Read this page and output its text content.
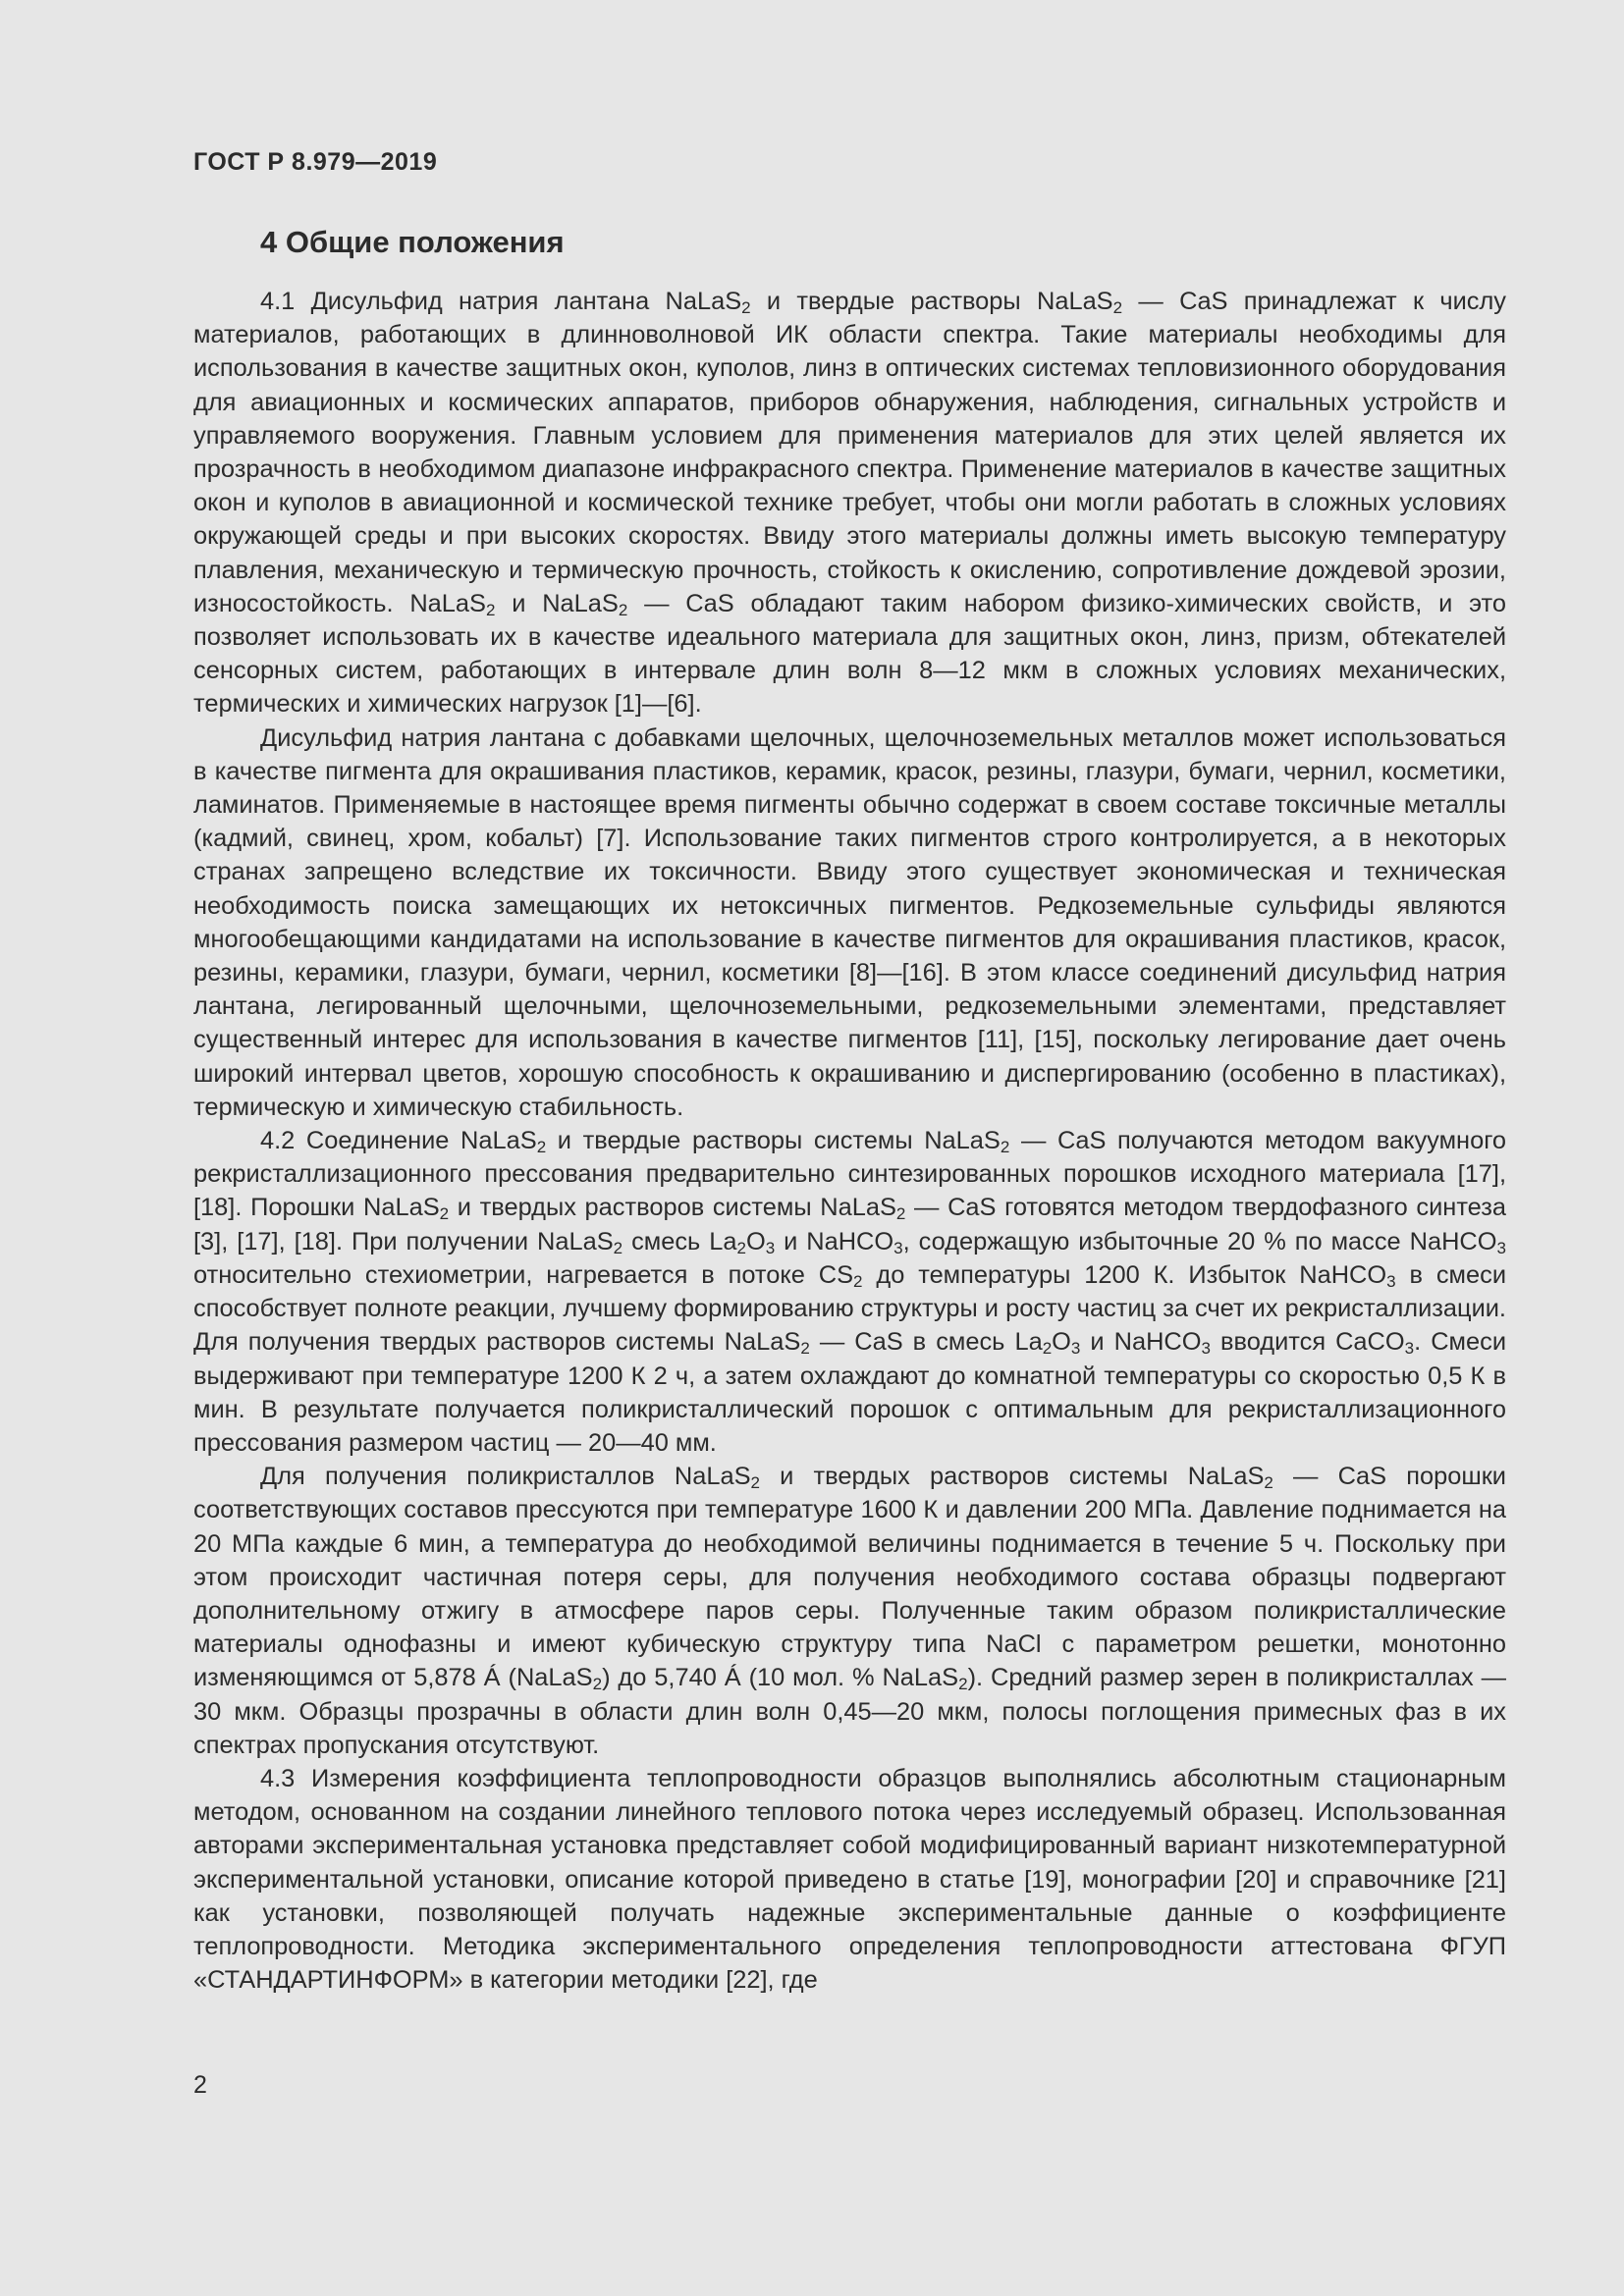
ГОСТ Р 8.979—2019
4 Общие положения

4.1 Дисульфид натрия лантана NaLaS$_2$ и твердые растворы NaLaS$_2$ — CaS принадлежат к числу материалов, работающих в длинноволновой ИК области спектра. Такие материалы необходимы для использования в качестве защитных окон, куполов, линз в оптических системах тепловизионного оборудования для авиационных и космических аппаратов, приборов обнаружения, наблюдения, сигнальных устройств и управляемого вооружения. Главным условием для применения материалов для этих целей является их прозрачность в необходимом диапазоне инфракрасного спектра. Применение материалов в качестве защитных окон и куполов в авиационной и космической технике требует, чтобы они могли работать в сложных условиях окружающей среды и при высоких скоростях. Ввиду этого материалы должны иметь высокую температуру плавления, механическую и термическую прочность, стойкость к окислению, сопротивление дождевой эрозии, износостойкость. NaLaS$_2$ и NaLaS$_2$ — CaS обладают таким набором физико-химических свойств, и это позволяет использовать их в качестве идеального материала для защитных окон, линз, призм, обтекателей сенсорных систем, работающих в интервале длин волн 8—12 мкм в сложных условиях механических, термических и химических нагрузок [1]—[6].

Дисульфид натрия лантана с добавками щелочных, щелочноземельных металлов может использоваться в качестве пигмента для окрашивания пластиков, керамик, красок, резины, глазури, бумаги, чернил, косметики, ламинатов. Применяемые в настоящее время пигменты обычно содержат в своем составе токсичные металлы (кадмий, свинец, хром, кобальт) [7]. Использование таких пигментов строго контролируется, а в некоторых странах запрещено вследствие их токсичности. Ввиду этого существует экономическая и техническая необходимость поиска замещающих их нетоксичных пигментов. Редкоземельные сульфиды являются многообещающими кандидатами на использование в качестве пигментов для окрашивания пластиков, красок, резины, керамики, глазури, бумаги, чернил, косметики [8]—[16]. В этом классе соединений дисульфид натрия лантана, легированный щелочными, щелочноземельными, редкоземельными элементами, представляет существенный интерес для использования в качестве пигментов [11], [15], поскольку легирование дает очень широкий интервал цветов, хорошую способность к окрашиванию и диспергированию (особенно в пластиках), термическую и химическую стабильность.

4.2 Соединение NaLaS$_2$ и твердые растворы системы NaLaS$_2$ — CaS получаются методом вакуумного рекристаллизационного прессования предварительно синтезированных порошков исходного материала [17], [18]. Порошки NaLaS$_2$ и твердых растворов системы NaLaS$_2$ — CaS готовятся методом твердофазного синтеза [3], [17], [18]. При получении NaLaS$_2$ смесь $La_2O_3$ и NaHCO$_3$, содержащую избыточные 20 % по массе NaHCO$_3$ относительно стехиометрии, нагревается в потоке $CS_2$ до температуры 1200 К. Избыток NaHCO$_3$ в смеси способствует полноте реакции, лучшему формированию структуры и росту частиц за счет их рекристаллизации. Для получения твердых растворов системы NaLaS$_2$ — CaS в смесь $La_2O_3$ и NaHCO$_3$ вводится CaCO$_3$. Смеси выдерживают при температуре 1200 К 2 ч, а затем охлаждают до комнатной температуры со скоростью 0,5 К в мин. В результате получается поликристаллический порошок с оптимальным для рекристаллизационного прессования размером частиц — 20—40 мм.

Для получения поликристаллов NaLaS$_2$ и твердых растворов системы NaLaS$_2$ — CaS порошки соответствующих составов прессуются при температуре 1600 К и давлении 200 МПа. Давление поднимается на 20 МПа каждые 6 мин, а температура до необходимой величины поднимается в течение 5 ч. Поскольку при этом происходит частичная потеря серы, для получения необходимого состава образцы подвергают дополнительному отжигу в атмосфере паров серы. Полученные таким образом поликристаллические материалы однофазны и имеют кубическую структуру типа NaCl с параметром решетки, монотонно изменяющимся от 5,878 Á (NaLaS$_2$) до 5,740 Á (10 мол. % NaLaS$_2$). Средний размер зерен в поликристаллах — 30 мкм. Образцы прозрачны в области длин волн 0,45—20 мкм, полосы поглощения примесных фаз в их спектрах пропускания отсутствуют.

4.3 Измерения коэффициента теплопроводности образцов выполнялись абсолютным стационарным методом, основанном на создании линейного теплового потока через исследуемый образец. Использованная авторами экспериментальная установка представляет собой модифицированный вариант низкотемпературной экспериментальной установки, описание которой приведено в статье [19], монографии [20] и справочнике [21] как установки, позволяющей получать надежные экспериментальные данные о коэффициенте теплопроводности. Методика экспериментального определения теплопроводности аттестована ФГУП «СТАНДАРТИНФОРМ» в категории методики [22], где

2
